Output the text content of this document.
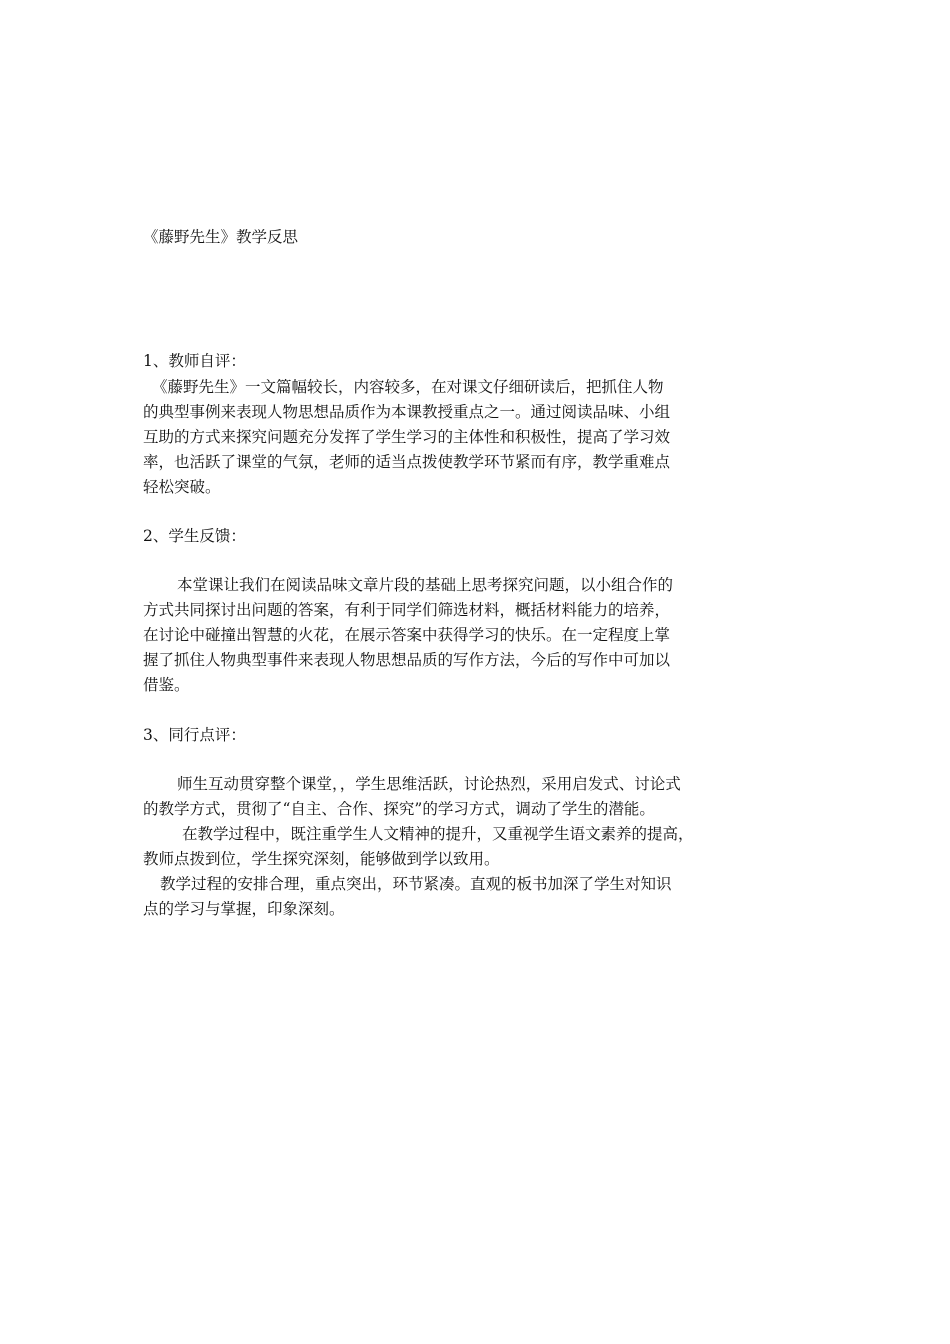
《藤野先生》教学反思
1、教师自评：
《藤野先生》一文篇幅较长，内容较多，在对课文仔细研读后，把抓住人物
的典型事例来表现人物思想品质作为本课教授重点之一。通过阅读品味、小组
互助的方式来探究问题充分发挥了学生学习的主体性和积极性，提高了学习效
率，也活跃了课堂的气氛，老师的适当点拨使教学环节紧而有序，教学重难点
轻松突破。
2、学生反馈：
本堂课让我们在阅读品味文章片段的基础上思考探究问题，以小组合作的
方式共同探讨出问题的答案，有利于同学们筛选材料，概括材料能力的培养，
在讨论中碰撞出智慧的火花，在展示答案中获得学习的快乐。在一定程度上掌
握了抓住人物典型事件来表现人物思想品质的写作方法，今后的写作中可加以
借鉴。
3、同行点评：
师生互动贯穿整个课堂，，学生思维活跃，讨论热烈，采用启发式、讨论式
的教学方式，贯彻了“自主、合作、探究”的学习方式，调动了学生的潜能。
在教学过程中，既注重学生人文精神的提升，又重视学生语文素养的提高，
教师点拨到位，学生探究深刻，能够做到学以致用。
教学过程的安排合理，重点突出，环节紧凑。直观的板书加深了学生对知识
点的学习与掌握，印象深刻。
